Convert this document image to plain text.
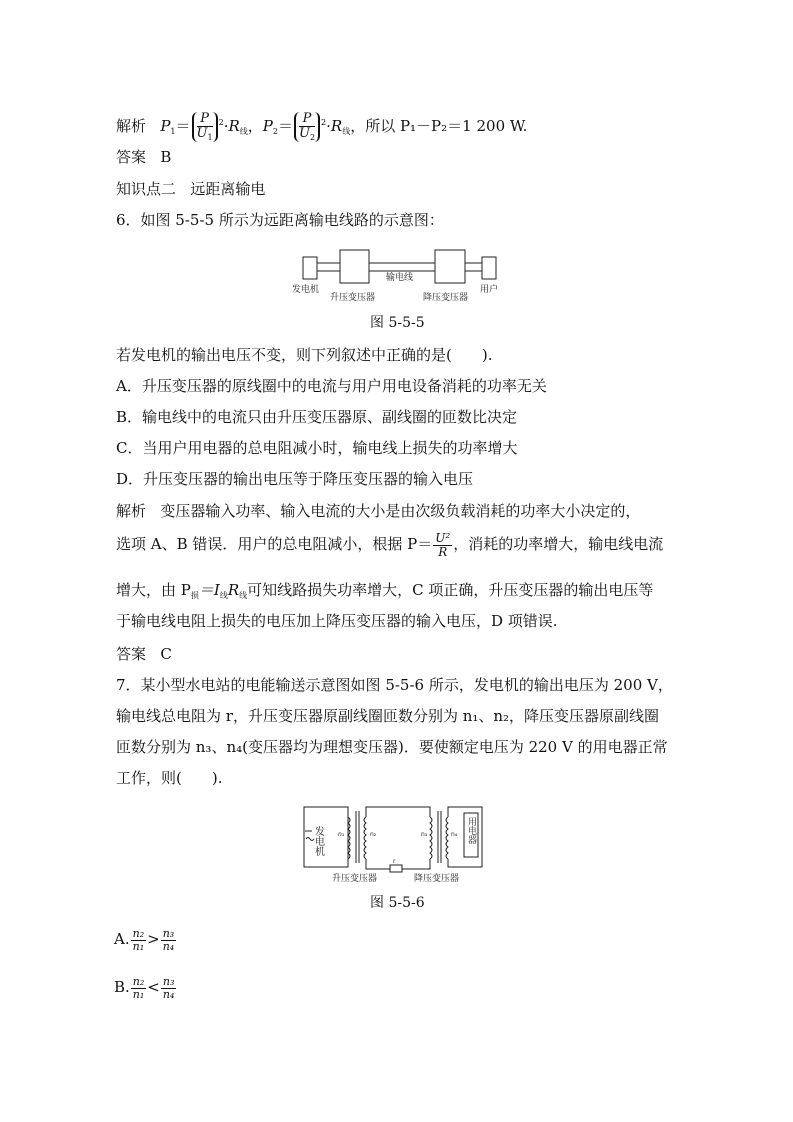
解析 $P_1= P$
$U_1^2\cdot R_线$，$P_2= P$
$U_2^2\cdot R_线$，所以 P₁－P₂＝1 200 W.
答案 B
知识点二 远距离输电
6．如图 5-5-5 所示为远距离输电线路的示意图：
发电机
升压变压器
输电线
降压变压器
用户
图 5-5-5
若发电机的输出电压不变，则下列叙述中正确的是(　　).
A．升压变压器的原线圈中的电流与用户用电设备消耗的功率无关
B．输电线中的电流只由升压变压器原、副线圈的匝数比决定
C．当用户用电器的总电阻减小时，输电线上损失的功率增大
D．升压变压器的输出电压等于降压变压器的输入电压
解析 变压器输入功率、输入电流的大小是由次级负载消耗的功率大小决定的，
选项 A、B 错误．用户的总电阻减小，根据 $P= \frac{\text{U²}}{R}$ ，消耗的功率增大，输电线电流
增大，由 $P_损=I_线R_线$可知线路损失功率增大，C 项正确，升压变压器的输出电压等
于输电线电阻上损失的电压加上降压变压器的输入电压，D 项错误.
答案 C
7．某小型水电站的电能输送示意图如图 5-5-6 所示，发电机的输出电压为 200 V，
输电线总电阻为 r，升压变压器原副线圈匝数分别为 n₁、n₂，降压变压器原副线圈
匝数分别为 n₃、n₄(变压器均为理想变压器)．要使额定电压为 220 V 的用电器正常
工作，则(　　).
发电机 n₁	n₂	n₃	n₄
r
用电器
升压变压器	降压变压器
图 5-5-6
A. $\frac{\text{n₂}}{\text{n₁}} > \frac{\text{n₃}}{\text{n₄}}$
B. $\frac{\text{n₂}}{\text{n₁}} < \frac{\text{n₃}}{\text{n₄}}$
